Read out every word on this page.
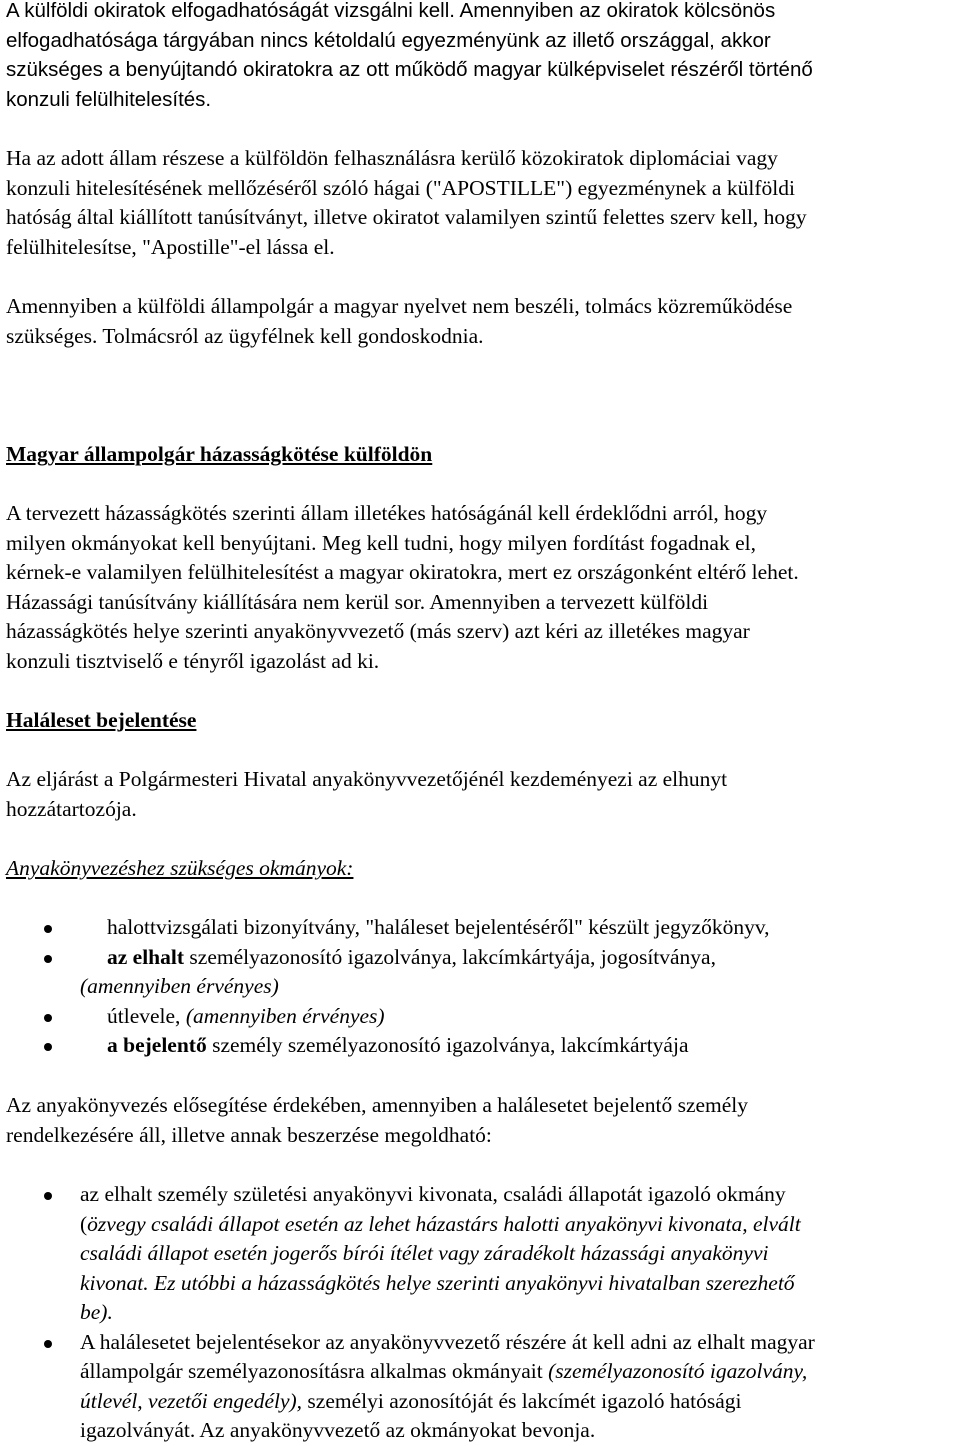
A külföldi okiratok elfogadhatóságát vizsgálni kell. Amennyiben az okiratok kölcsönös

elfogadhatósága tárgyában nincs kétoldalú egyezményünk az illető országgal, akkor

szükséges a benyújtandó okiratokra az ott működő magyar külképviselet részéről történő

konzuli felülhitelesítés.

Ha az adott állam részese a külföldön felhasználásra kerülő közokiratok diplomáciai vagy

konzuli hitelesítésének mellőzéséről szóló hágai ("APOSTILLE") egyezménynek a külföldi

hatóság által kiállított tanúsítványt, illetve okiratot valamilyen szintű felettes szerv kell, hogy

felülhitelesítse, "Apostille"-el lássa el.

Amennyiben a külföldi állampolgár a magyar nyelvet nem beszéli, tolmács közreműködése

szükséges. Tolmácsról az ügyfélnek kell gondoskodnia.

Magyar állampolgár házasságkötése külföldön

A tervezett házasságkötés szerinti állam illetékes hatóságánál kell érdeklődni arról, hogy

milyen okmányokat kell benyújtani. Meg kell tudni, hogy milyen fordítást fogadnak el,

kérnek-e valamilyen felülhitelesítést a magyar okiratokra, mert ez országonként eltérő lehet.

Házassági tanúsítvány kiállítására nem kerül sor. Amennyiben a tervezett külföldi

házasságkötés helye szerinti anyakönyvvezető (más szerv) azt kéri az illetékes magyar

konzuli tisztviselő e tényről igazolást ad ki.

Haláleset bejelentése

Az eljárást a Polgármesteri Hivatal anyakönyvvezetőjénél kezdeményezi az elhunyt

hozzátartozója.

Anyakönyvezéshez szükséges okmányok:
halottvizsgálati bizonyítvány, "haláleset bejelentéséről" készült jegyzőkönyv,
az elhalt személyazonosító igazolványa, lakcímkártyája, jogosítványa,
(amennyiben érvényes)
útlevele, (amennyiben érvényes)
a bejelentő személy személyazonosító igazolványa, lakcímkártyája

Az anyakönyvezés elősegítése érdekében, amennyiben a halálesetet bejelentő személy

rendelkezésére áll, illetve annak beszerzése megoldható:

az elhalt személy születési anyakönyvi kivonata, családi állapotát igazoló okmány

(özvegy családi állapot esetén az lehet házastárs halotti anyakönyvi kivonata, elvált

családi állapot esetén jogerős bírói ítélet vagy záradékolt házassági anyakönyvi

kivonat. Ez utóbbi a házasságkötés helye szerinti anyakönyvi hivatalban szerezhető

be).

A halálesetet bejelentésekor az anyakönyvvezető részére át kell adni az elhalt magyar

állampolgár személyazonosításra alkalmas okmányait (személyazonosító igazolvány,

útlevél, vezetői engedély), személyi azonosítóját és lakcímét igazoló hatósági

igazolványát. Az anyakönyvvezető az okmányokat bevonja.
